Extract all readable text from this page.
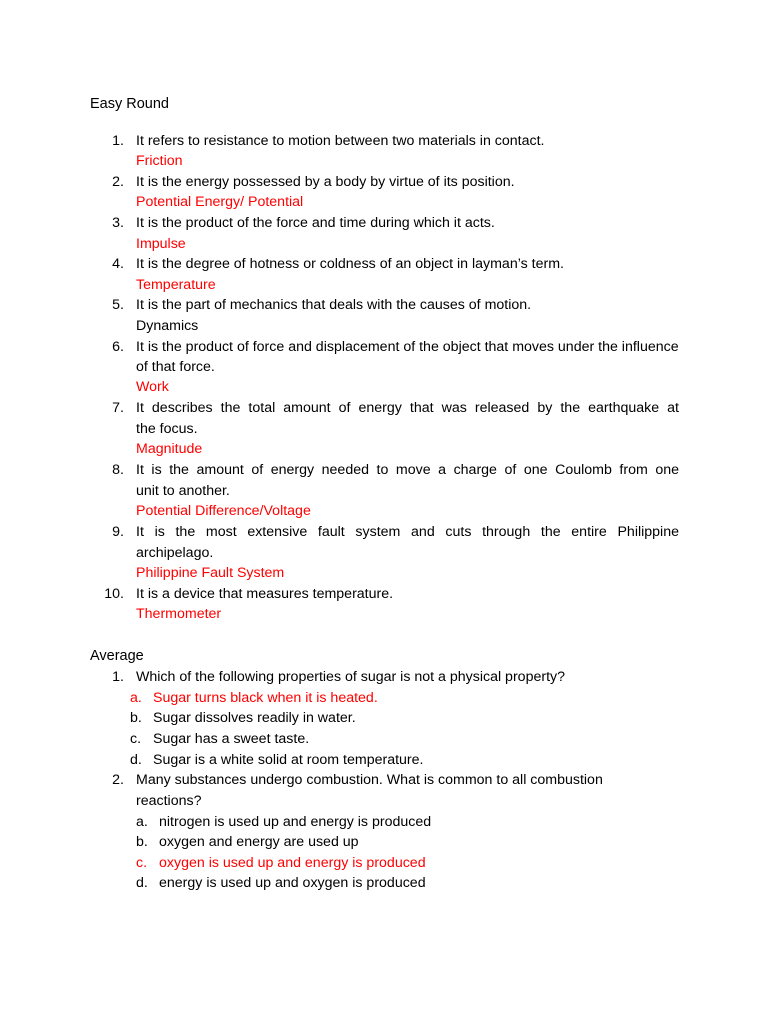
Easy Round
1. It refers to resistance to motion between two materials in contact.
Friction
2. It is the energy possessed by a body by virtue of its position.
Potential Energy/ Potential
3. It is the product of the force and time during which it acts.
Impulse
4. It is the degree of hotness or coldness of an object in layman’s term.
Temperature
5. It is the part of mechanics that deals with the causes of motion.
Dynamics
6. It is the product of force and displacement of the object that moves under the influence
of that force.
Work
7. It describes the total amount of energy that was released by the earthquake at
the focus.
Magnitude
8. It is the amount of energy needed to move a charge of one Coulomb from one
unit to another.
Potential Difference/Voltage
9. It is the most extensive fault system and cuts through the entire Philippine
archipelago.
Philippine Fault System
10. It is a device that measures temperature.
Thermometer
Average
1. Which of the following properties of sugar is not a physical property?
a. Sugar turns black when it is heated.
b. Sugar dissolves readily in water.
c. Sugar has a sweet taste.
d. Sugar is a white solid at room temperature.
2. Many substances undergo combustion. What is common to all combustion
reactions?
a. nitrogen is used up and energy is produced
b. oxygen and energy are used up
c. oxygen is used up and energy is produced
d. energy is used up and oxygen is produced
